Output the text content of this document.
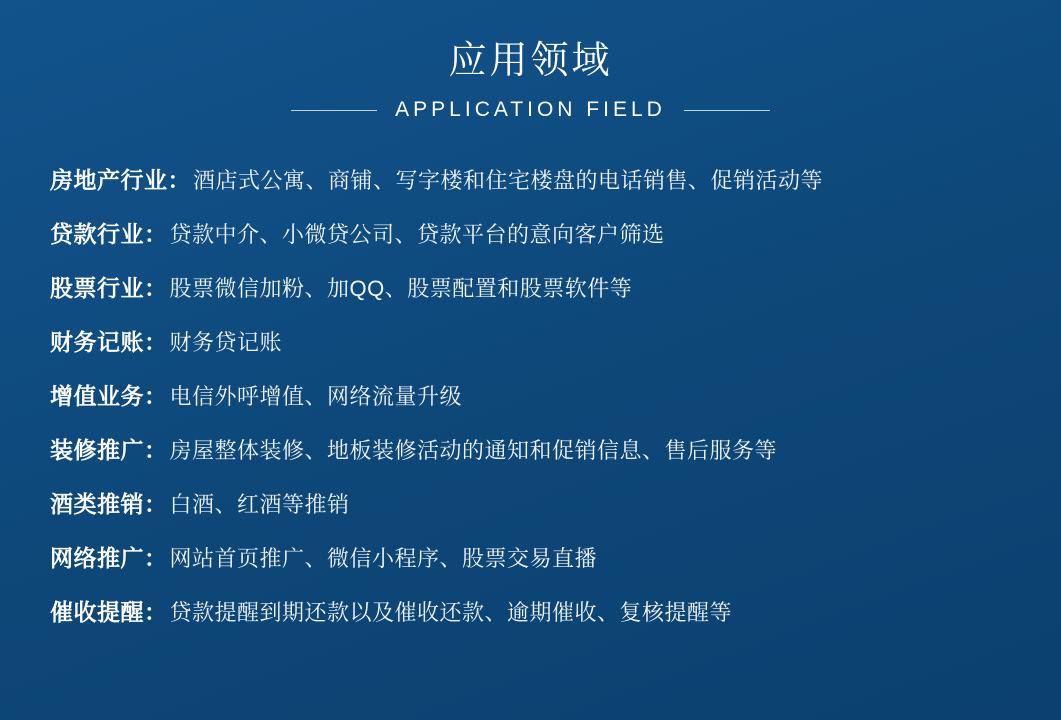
应用领域
APPLICATION FIELD
房地产行业： 酒店式公寓、商铺、写字楼和住宅楼盘的电话销售、促销活动等
贷款行业： 贷款中介、小微贷公司、贷款平台的意向客户筛选
股票行业： 股票微信加粉、加QQ、股票配置和股票软件等
财务记账： 财务贷记账
增值业务： 电信外呼增值、网络流量升级
装修推广： 房屋整体装修、地板装修活动的通知和促销信息、售后服务等
酒类推销： 白酒、红酒等推销
网络推广： 网站首页推广、微信小程序、股票交易直播
催收提醒： 贷款提醒到期还款以及催收还款、逾期催收、复核提醒等
